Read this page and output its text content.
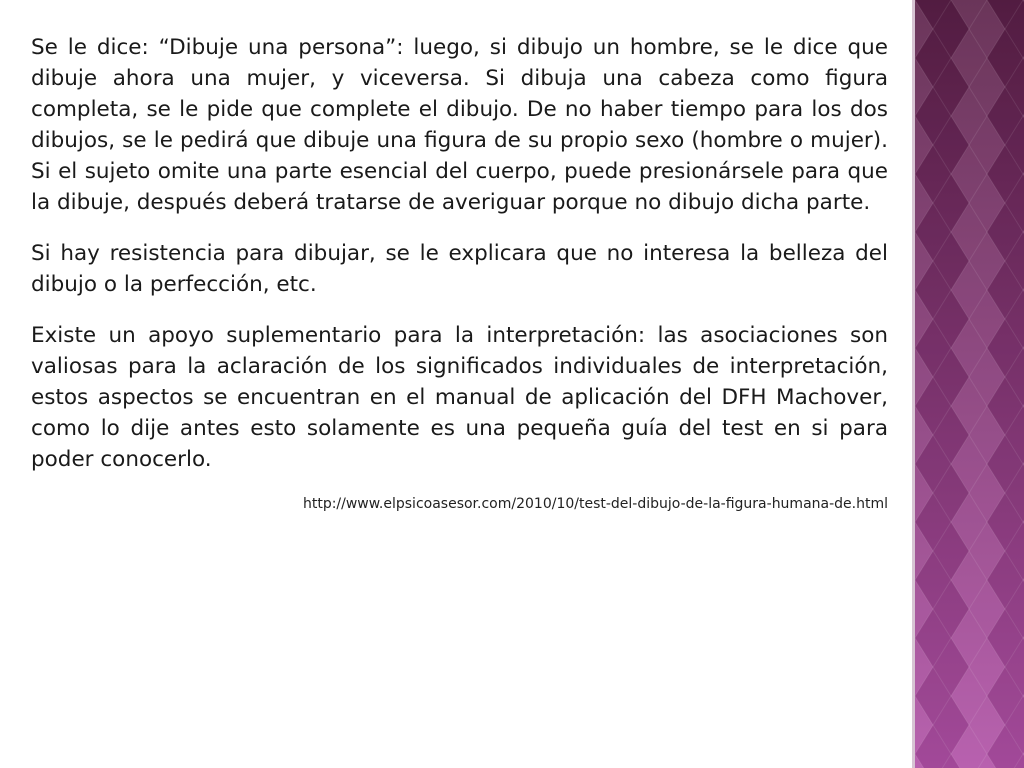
Se le dice: “Dibuje una persona”: luego, si dibujo un hombre, se le dice que dibuje ahora una mujer, y viceversa. Si dibuja una cabeza como figura completa, se le pide que complete el dibujo. De no haber tiempo para los dos dibujos, se le pedirá que dibuje una figura de su propio sexo (hombre o mujer). Si el sujeto omite una parte esencial del cuerpo, puede presionársele para que la dibuje, después deberá tratarse de averiguar porque no dibujo dicha parte.

Si hay resistencia para dibujar, se le explicara que no interesa la belleza del dibujo o la perfección, etc.

Existe un apoyo suplementario para la interpretación: las asociaciones son valiosas para la aclaración de los significados individuales de interpretación, estos aspectos se encuentran en el manual de aplicación del DFH Machover, como lo dije antes esto solamente es una pequeña guía del test en si para poder conocerlo.

http://www.elpsicoasesor.com/2010/10/test-del-dibujo-de-la-figura-humana-de.html
